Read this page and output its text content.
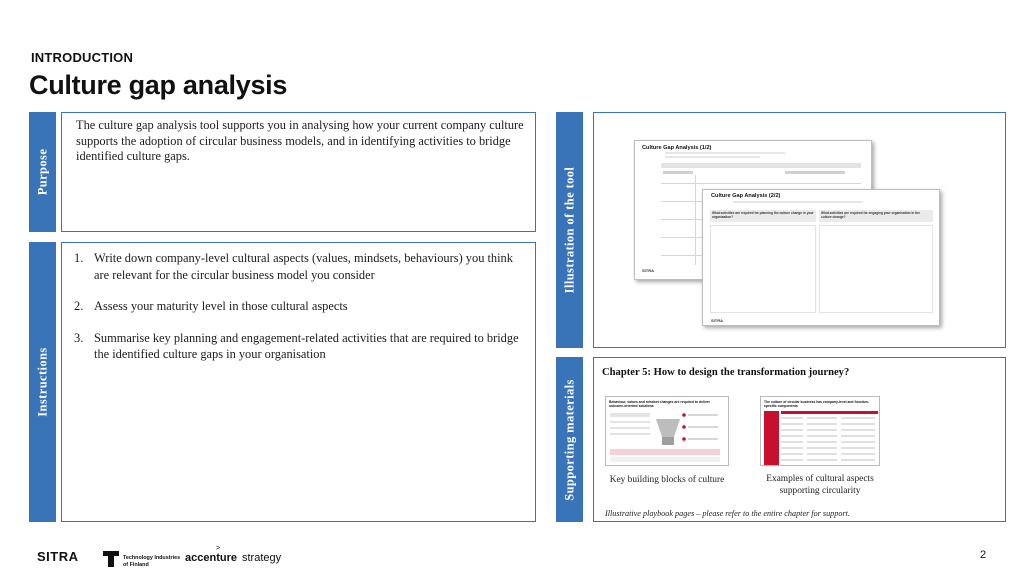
INTRODUCTION
Culture gap analysis
Purpose
The culture gap analysis tool supports you in analysing how your current company culture supports the adoption of circular business models, and in identifying activities to bridge identified culture gaps.
Instructions
1. Write down company-level cultural aspects (values, mindsets, behaviours) you think are relevant for the circular business model you consider
2. Assess your maturity level in those cultural aspects
3. Summarise key planning and engagement-related activities that are required to bridge the identified culture gaps in your organisation
Illustration of the tool
Culture Gap Analysis (1/2)
SITRA
Culture Gap Analysis (2/2)
What activities are required for planning the culture change in your organisation?
What activities are required for engaging your organisation in the culture change?
SITRA
Supporting materials
Chapter 5: How to design the transformation journey?
Behaviour, values and mindset changes are required to deliver outcome-oriented solutions
The culture of circular business has company-level and function-specific components
Key building blocks of culture	Examples of cultural aspects supporting circularity
Illustrative playbook pages – please refer to the entire chapter for support.
SITRA	Technology Industries
of Finland
>
accenture strategy	2
